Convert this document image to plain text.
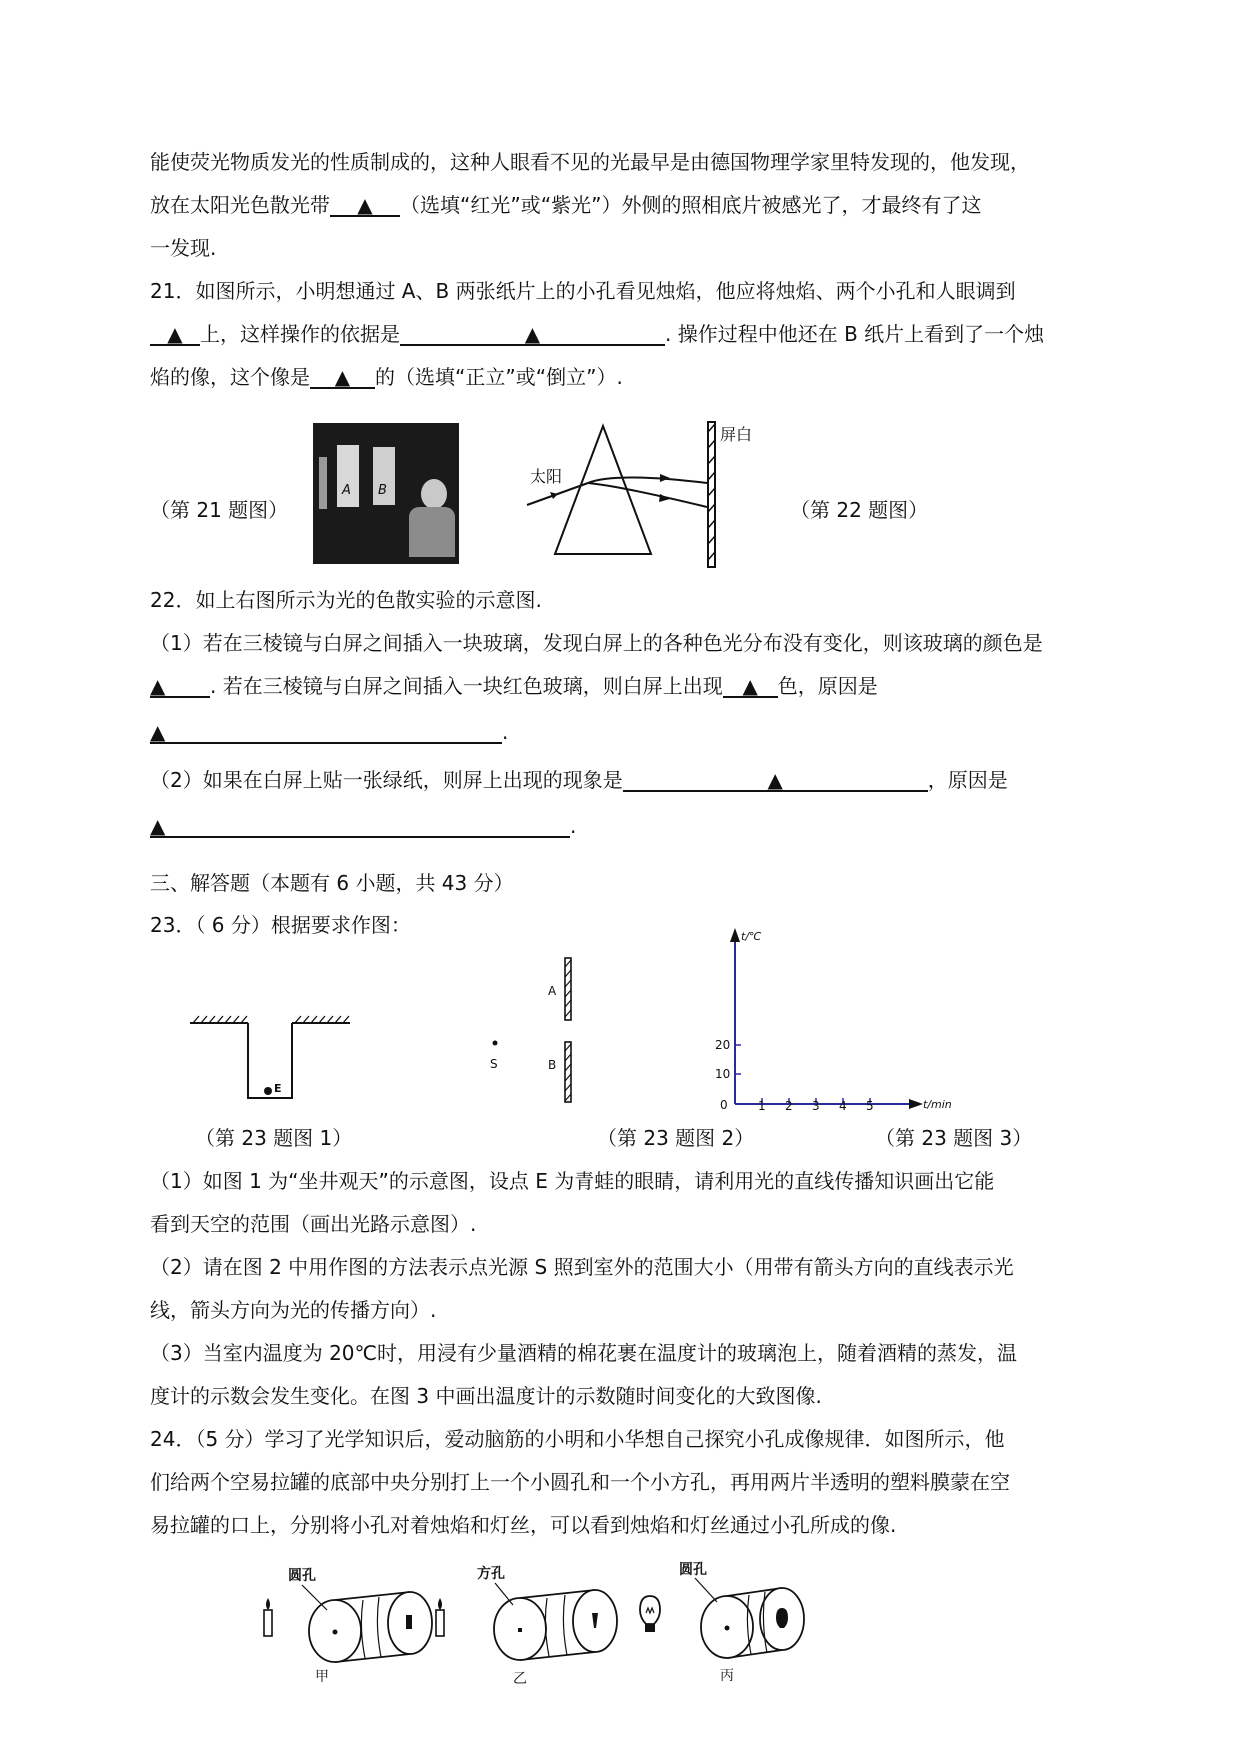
能使荧光物质发光的性质制成的，这种人眼看不见的光最早是由德国物理学家里特发现的，他发现，
放在太阳光色散光带 ▲ （选填“红光”或“紫光”）外侧的照相底片被感光了，才最终有了这
一发现.
21．如图所示，小明想通过 A、B 两张纸片上的小孔看见烛焰，他应将烛焰、两个小孔和人眼调到
▲ 上，这样操作的依据是	▲	. 操作过程中他还在 B 纸片上看到了一个烛
焰的像，这个像是 ▲ 的（选填“正立”或“倒立”）.
（第 21 题图）
A B
太阳
屏白
（第 22 题图）
22．如上右图所示为光的色散实验的示意图.
（1）若在三棱镜与白屏之间插入一块玻璃，发现白屏上的各种色光分布没有变化，则该玻璃的颜色是
▲ . 若在三棱镜与白屏之间插入一块红色玻璃，则白屏上出现 ▲ 色，原因是
▲	.
（2）如果在白屏上贴一张绿纸，则屏上出现的现象是	▲	，原因是
▲	.
三、解答题（本题有 6 小题，共 43 分）
23．（ 6 分）根据要求作图：
E
（第 23 题图 1）
S
A
B
（第 23 题图 2）
t/℃
t/min
0
10
20
1 2 3 4 5
（第 23 题图 3）
（1）如图 1 为“坐井观天”的示意图，设点 E 为青蛙的眼睛，请利用光的直线传播知识画出它能
看到天空的范围（画出光路示意图）.
（2）请在图 2 中用作图的方法表示点光源 S 照到室外的范围大小（用带有箭头方向的直线表示光
线，箭头方向为光的传播方向）.
（3）当室内温度为 20℃时，用浸有少量酒精的棉花裹在温度计的玻璃泡上，随着酒精的蒸发，温
度计的示数会发生变化。在图 3 中画出温度计的示数随时间变化的大致图像.
24．（5 分）学习了光学知识后，爱动脑筋的小明和小华想自己探究小孔成像规律．如图所示，他
们给两个空易拉罐的底部中央分别打上一个小圆孔和一个小方孔，再用两片半透明的塑料膜蒙在空
易拉罐的口上，分别将小孔对着烛焰和灯丝，可以看到烛焰和灯丝通过小孔所成的像.
圆孔
甲
方孔
乙
圆孔
丙
